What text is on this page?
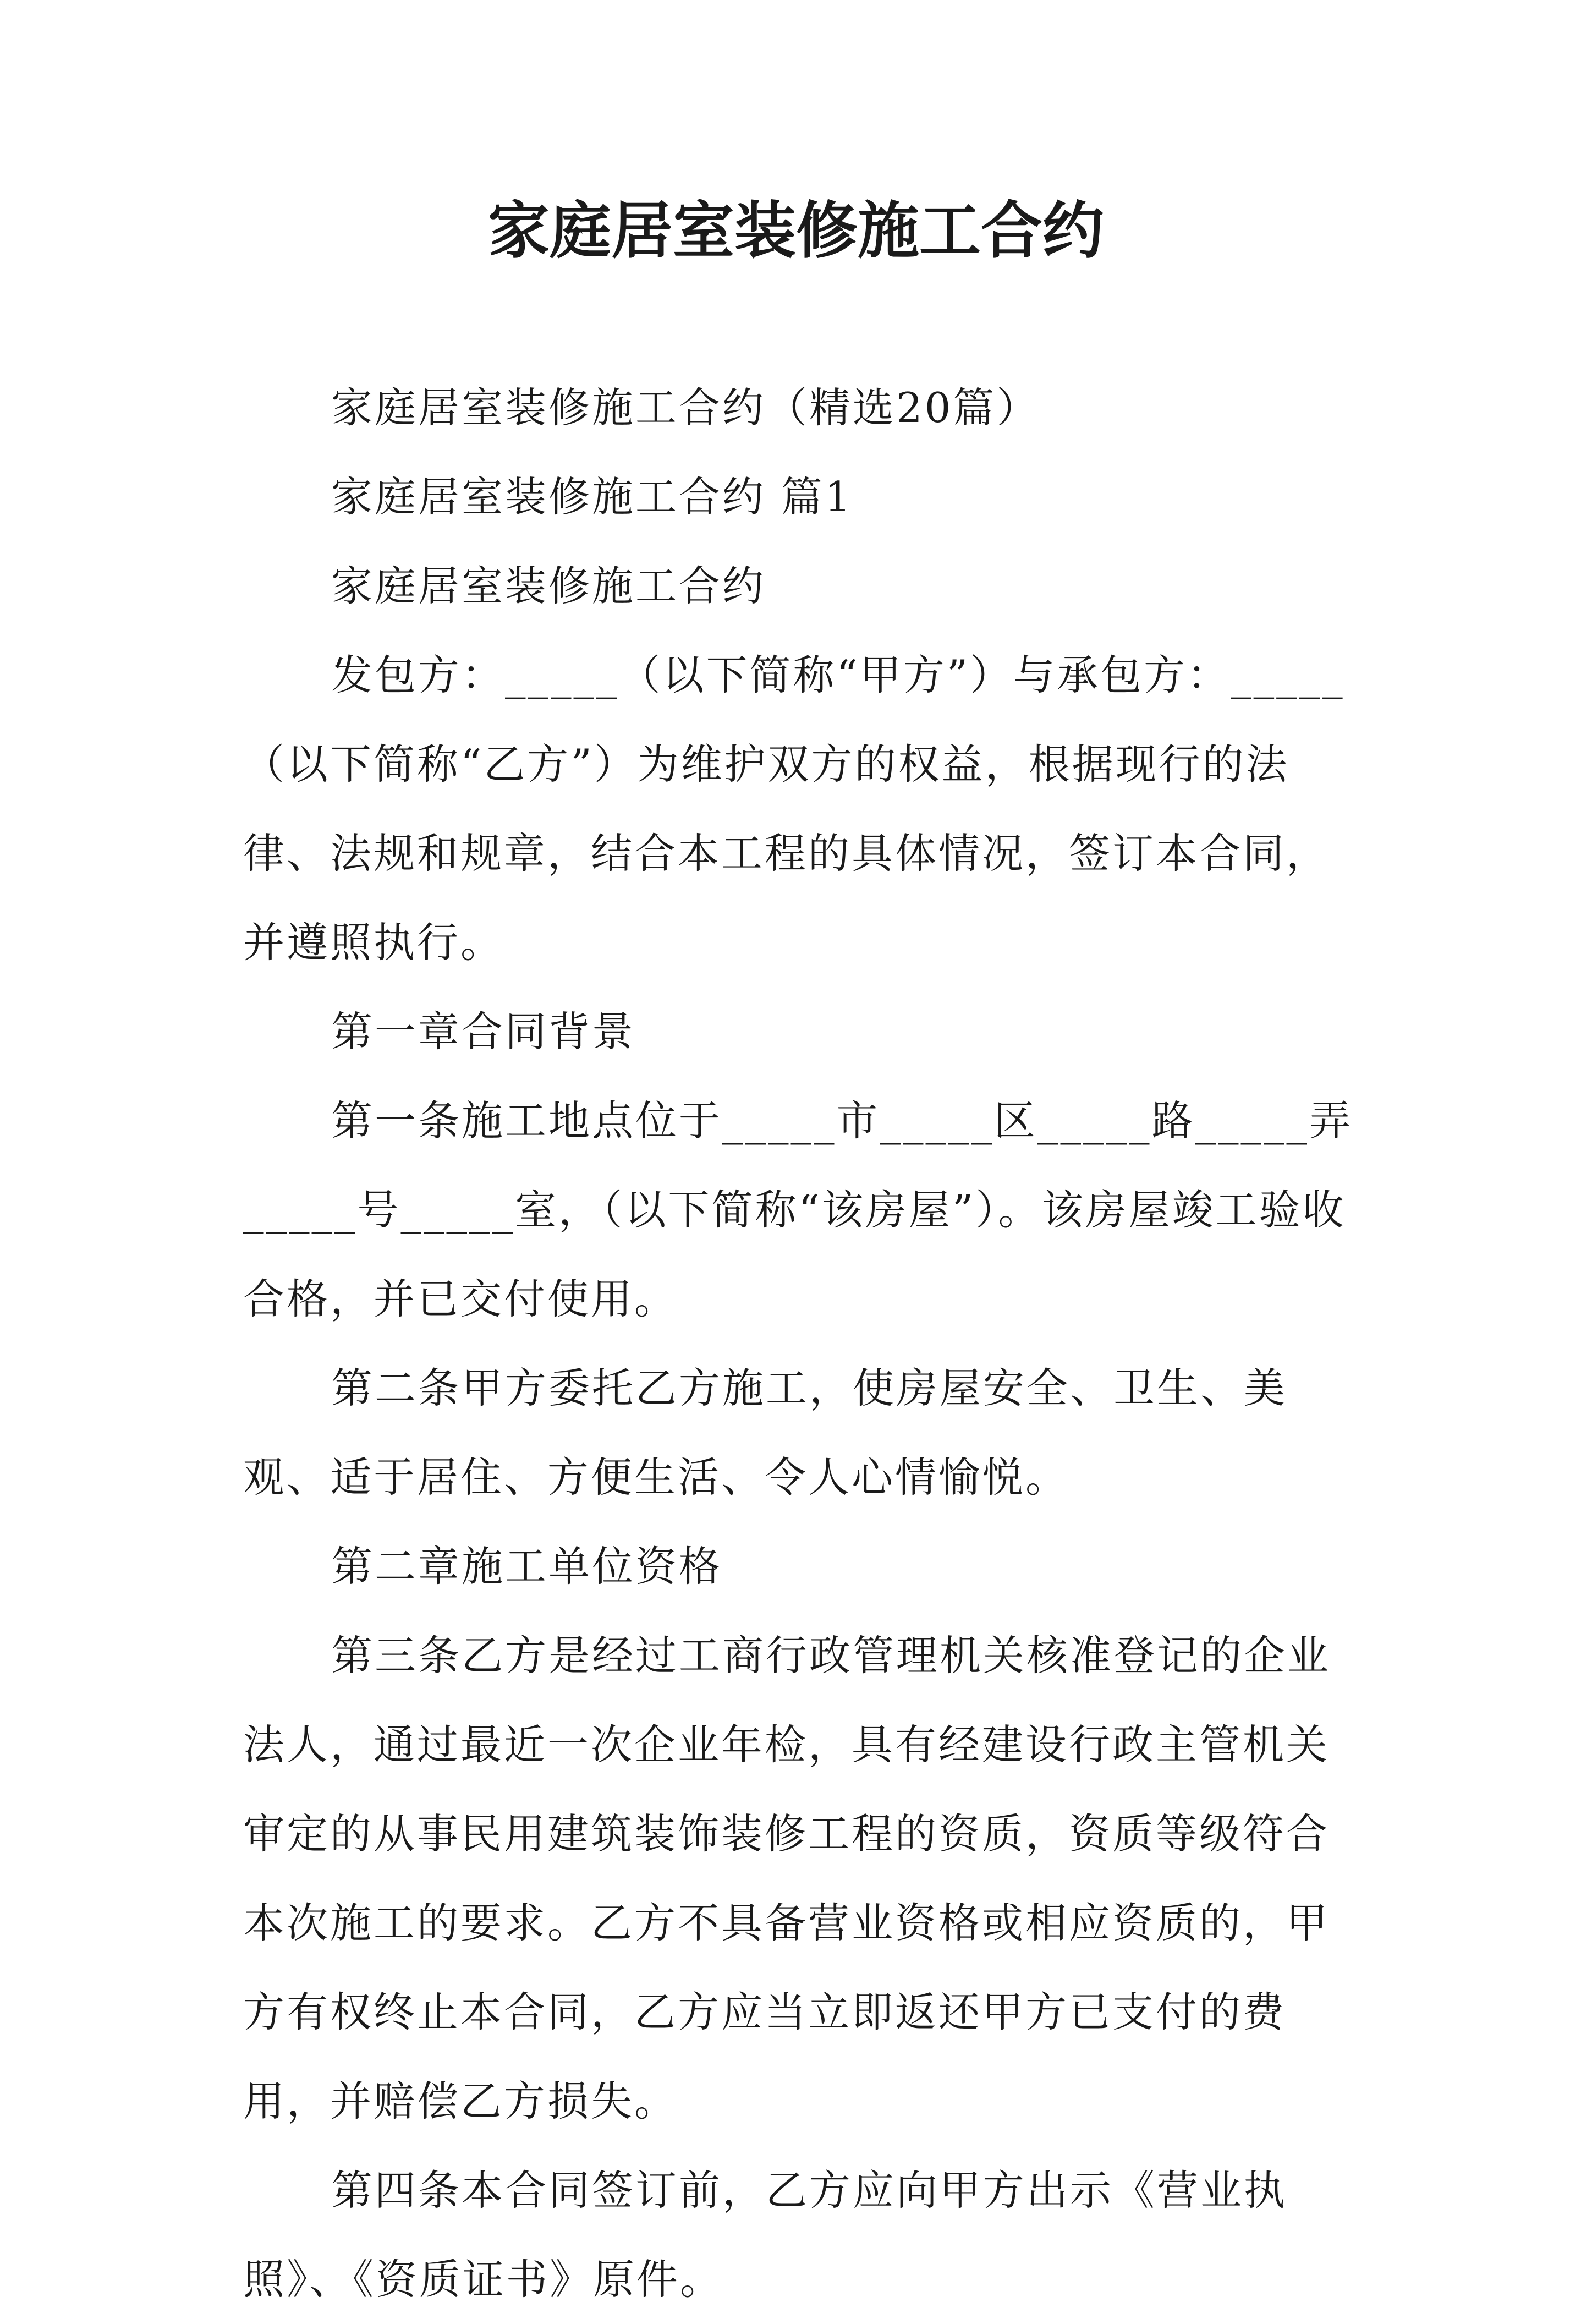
家庭居室装修施工合约

家庭居室装修施工合约（精选20篇）

家庭居室装修施工合约 篇1

家庭居室装修施工合约

发包方：_____（以下简称“甲方”）与承包方：_____（以下简称“乙方”）为维护双方的权益，根据现行的法律、法规和规章，结合本工程的具体情况，签订本合同，并遵照执行。

第一章合同背景

第一条施工地点位于_____市_____区_____路_____弄_____号_____室，（以下简称“该房屋”）。该房屋竣工验收合格，并已交付使用。

第二条甲方委托乙方施工，使房屋安全、卫生、美观、适于居住、方便生活、令人心情愉悦。

第二章施工单位资格

第三条乙方是经过工商行政管理机关核准登记的企业法人，通过最近一次企业年检，具有经建设行政主管机关审定的从事民用建筑装饰装修工程的资质，资质等级符合本次施工的要求。乙方不具备营业资格或相应资质的，甲方有权终止本合同，乙方应当立即返还甲方已支付的费用，并赔偿乙方损失。

第四条本合同签订前，乙方应向甲方出示《营业执照》、《资质证书》原件。
